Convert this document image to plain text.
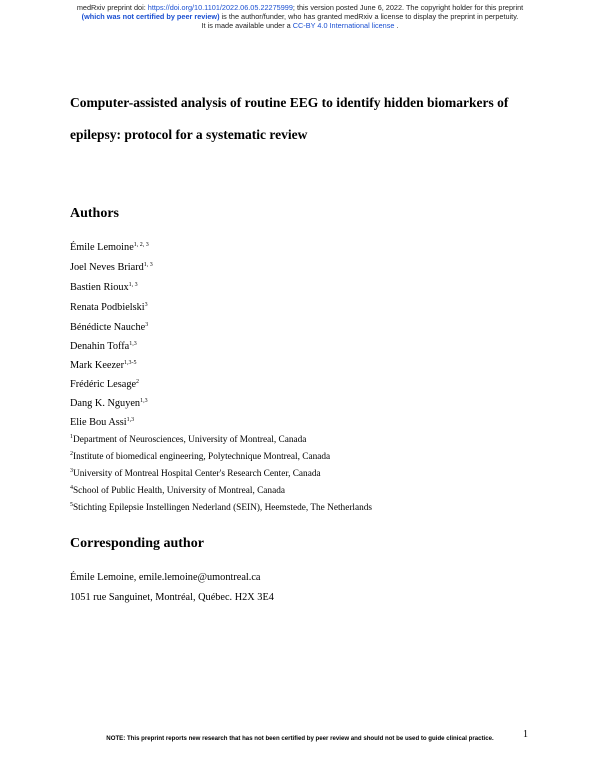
medRxiv preprint doi: https://doi.org/10.1101/2022.06.05.22275999; this version posted June 6, 2022. The copyright holder for this preprint
(which was not certified by peer review) is the author/funder, who has granted medRxiv a license to display the preprint in perpetuity.
It is made available under a CC-BY 4.0 International license .
Computer-assisted analysis of routine EEG to identify hidden biomarkers of
epilepsy: protocol for a systematic review
Authors
Émile Lemoine$^{1, 2, 3}$
Joel Neves Briard$^{1, 3}$
Bastien Rioux$^{1, 3}$
Renata Podbielski$^3$
Bénédicte Nauche$^3$
Denahin Toffa$^{1,3}$
Mark Keezer$^{1,3-5}$
Frédéric Lesage$^2$
Dang K. Nguyen$^{1,3}$
Elie Bou Assi$^{1,3}$
$^1$Department of Neurosciences, University of Montreal, Canada
$^2$Institute of biomedical engineering, Polytechnique Montreal, Canada
$^3$University of Montreal Hospital Center's Research Center, Canada
$^4$School of Public Health, University of Montreal, Canada
$^5$Stichting Epilepsie Instellingen Nederland (SEIN), Heemstede, The Netherlands
Corresponding author
Émile Lemoine, emile.lemoine@umontreal.ca
1051 rue Sanguinet, Montréal, Québec. H2X 3E4
NOTE: This preprint reports new research that has not been certified by peer review and should not be used to guide clinical practice.	1
